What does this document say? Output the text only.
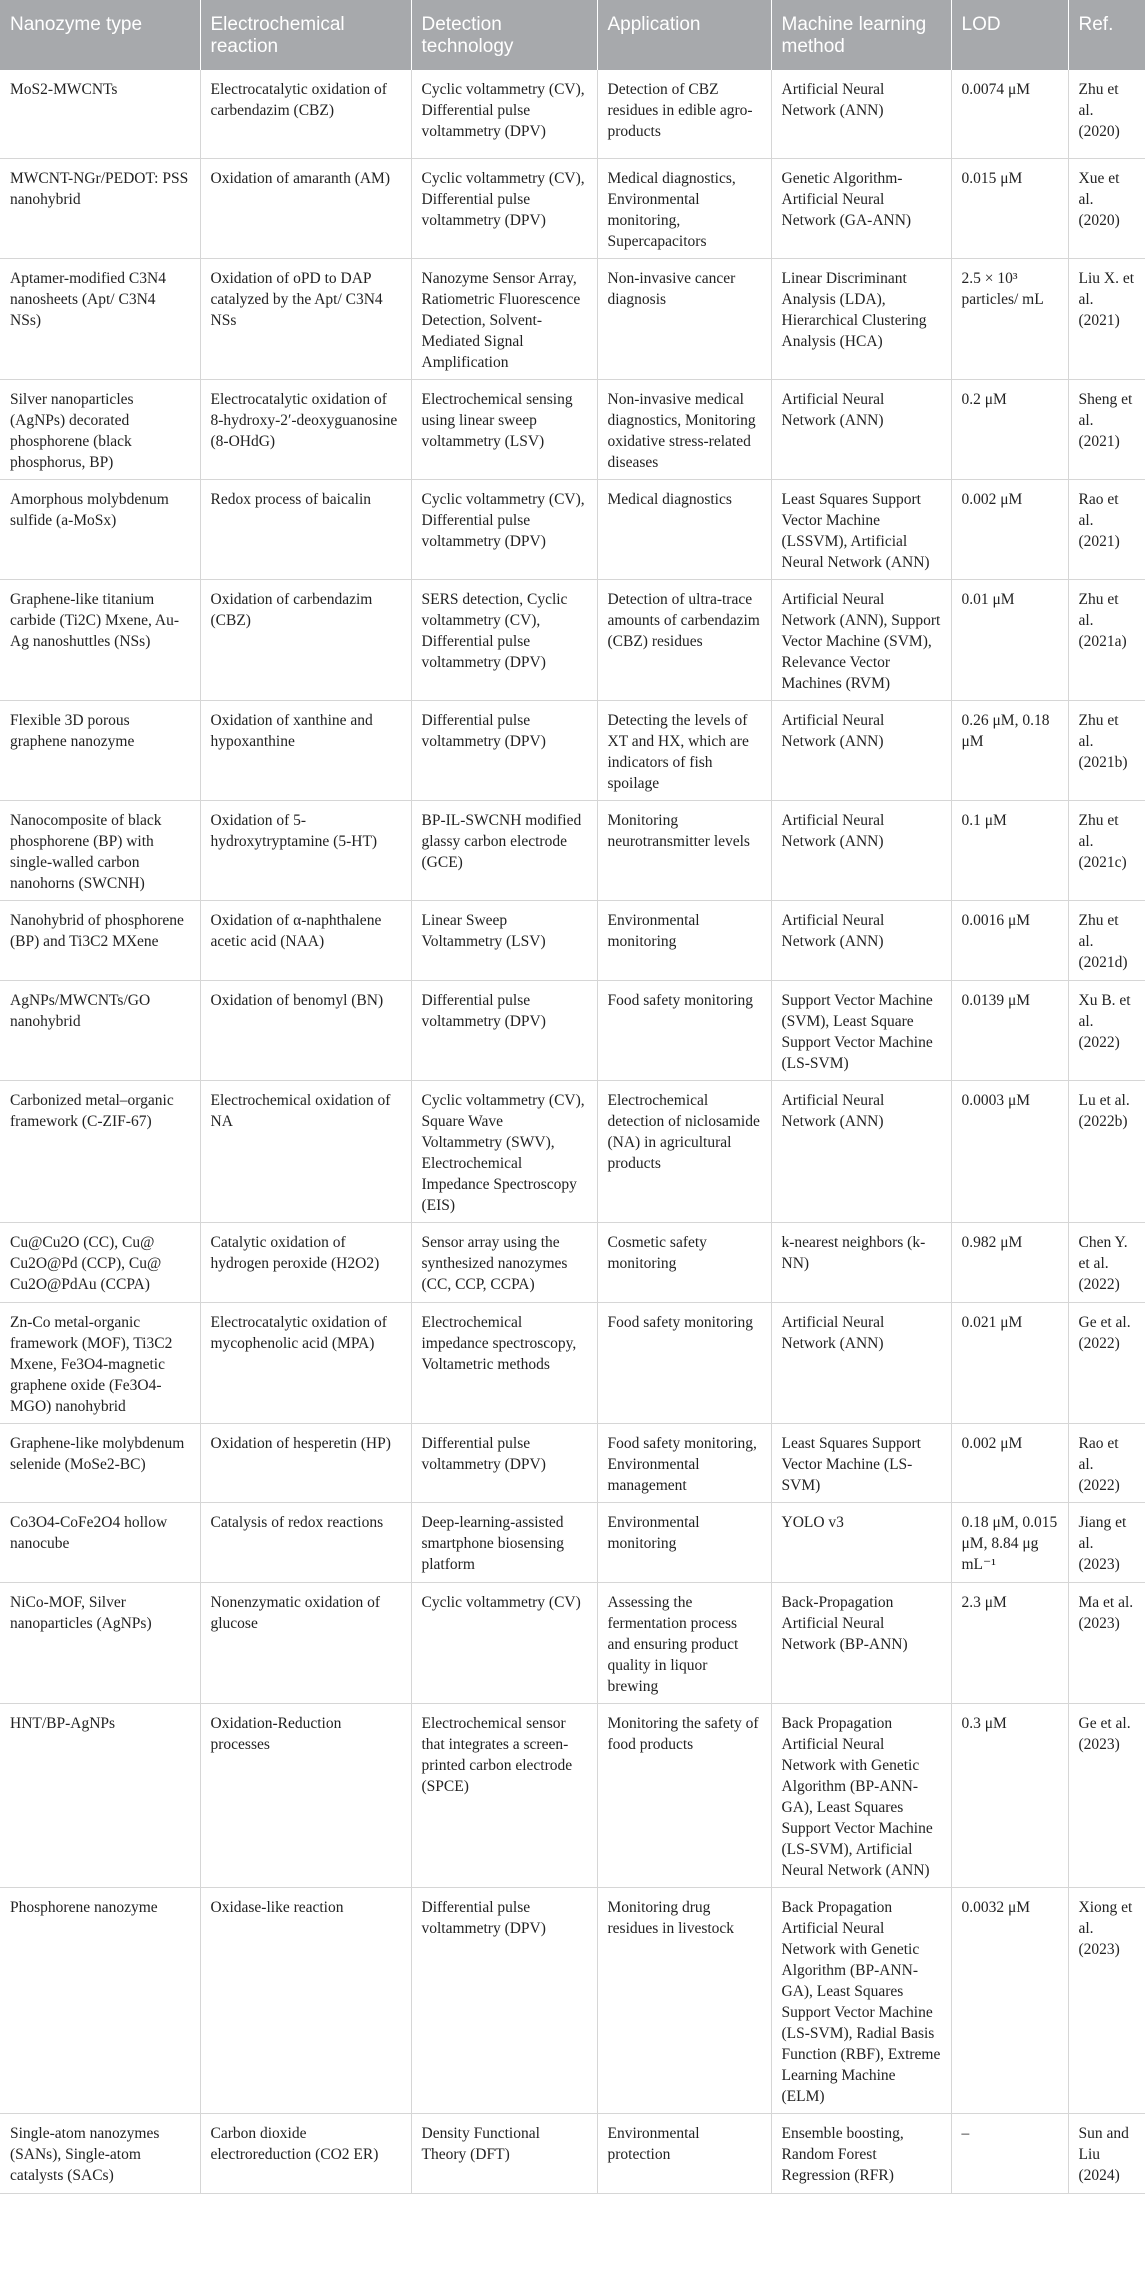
Nanozyme type	Electrochemical reaction	Detection technology	Application	Machine learning method	LOD	Ref.
MoS2-MWCNTs	Electrocatalytic oxidation of carbendazim (CBZ)	Cyclic voltammetry (CV), Differential pulse voltammetry (DPV)	Detection of CBZ residues in edible agro-products	Artificial Neural Network (ANN)	0.0074 μM	Zhu et al. (2020)
MWCNT-NGr/PEDOT: PSS nanohybrid	Oxidation of amaranth (AM)	Cyclic voltammetry (CV), Differential pulse voltammetry (DPV)	Medical diagnostics, Environmental monitoring, Supercapacitors	Genetic Algorithm-Artificial Neural Network (GA-ANN)	0.015 μM	Xue et al. (2020)
Aptamer-modified C3N4 nanosheets (Apt/ C3N4 NSs)	Oxidation of oPD to DAP catalyzed by the Apt/ C3N4 NSs	Nanozyme Sensor Array, Ratiometric Fluorescence Detection, Solvent-Mediated Signal Amplification	Non-invasive cancer diagnosis	Linear Discriminant Analysis (LDA), Hierarchical Clustering Analysis (HCA)	2.5 × 10³ particles/ mL	Liu X. et al. (2021)
Silver nanoparticles (AgNPs) decorated phosphorene (black phosphorus, BP)	Electrocatalytic oxidation of 8-hydroxy-2′-deoxyguanosine (8-OHdG)	Electrochemical sensing using linear sweep voltammetry (LSV)	Non-invasive medical diagnostics, Monitoring oxidative stress-related diseases	Artificial Neural Network (ANN)	0.2 μM	Sheng et al. (2021)
Amorphous molybdenum sulfide (a-MoSx)	Redox process of baicalin	Cyclic voltammetry (CV), Differential pulse voltammetry (DPV)	Medical diagnostics	Least Squares Support Vector Machine (LSSVM), Artificial Neural Network (ANN)	0.002 μM	Rao et al. (2021)
Graphene-like titanium carbide (Ti2C) Mxene, Au-Ag nanoshuttles (NSs)	Oxidation of carbendazim (CBZ)	SERS detection, Cyclic voltammetry (CV), Differential pulse voltammetry (DPV)	Detection of ultra-trace amounts of carbendazim (CBZ) residues	Artificial Neural Network (ANN), Support Vector Machine (SVM), Relevance Vector Machines (RVM)	0.01 μM	Zhu et al. (2021a)
Flexible 3D porous graphene nanozyme	Oxidation of xanthine and hypoxanthine	Differential pulse voltammetry (DPV)	Detecting the levels of XT and HX, which are indicators of fish spoilage	Artificial Neural Network (ANN)	0.26 μM, 0.18 μM	Zhu et al. (2021b)
Nanocomposite of black phosphorene (BP) with single-walled carbon nanohorns (SWCNH)	Oxidation of 5-hydroxytryptamine (5-HT)	BP-IL-SWCNH modified glassy carbon electrode (GCE)	Monitoring neurotransmitter levels	Artificial Neural Network (ANN)	0.1 μM	Zhu et al. (2021c)
Nanohybrid of phosphorene (BP) and Ti3C2 MXene	Oxidation of α-naphthalene acetic acid (NAA)	Linear Sweep Voltammetry (LSV)	Environmental monitoring	Artificial Neural Network (ANN)	0.0016 μM	Zhu et al. (2021d)
AgNPs/MWCNTs/GO nanohybrid	Oxidation of benomyl (BN)	Differential pulse voltammetry (DPV)	Food safety monitoring	Support Vector Machine (SVM), Least Square Support Vector Machine (LS-SVM)	0.0139 μM	Xu B. et al. (2022)
Carbonized metal–organic framework (C-ZIF-67)	Electrochemical oxidation of NA	Cyclic voltammetry (CV), Square Wave Voltammetry (SWV), Electrochemical Impedance Spectroscopy (EIS)	Electrochemical detection of niclosamide (NA) in agricultural products	Artificial Neural Network (ANN)	0.0003 μM	Lu et al. (2022b)
Cu@Cu2O (CC), Cu@ Cu2O@Pd (CCP), Cu@ Cu2O@PdAu (CCPA)	Catalytic oxidation of hydrogen peroxide (H2O2)	Sensor array using the synthesized nanozymes (CC, CCP, CCPA)	Cosmetic safety monitoring	k-nearest neighbors (k-NN)	0.982 μM	Chen Y. et al. (2022)
Zn-Co metal-organic framework (MOF), Ti3C2 Mxene, Fe3O4-magnetic graphene oxide (Fe3O4-MGO) nanohybrid	Electrocatalytic oxidation of mycophenolic acid (MPA)	Electrochemical impedance spectroscopy, Voltametric methods	Food safety monitoring	Artificial Neural Network (ANN)	0.021 μM	Ge et al. (2022)
Graphene-like molybdenum selenide (MoSe2-BC)	Oxidation of hesperetin (HP)	Differential pulse voltammetry (DPV)	Food safety monitoring, Environmental management	Least Squares Support Vector Machine (LS-SVM)	0.002 μM	Rao et al. (2022)
Co3O4-CoFe2O4 hollow nanocube	Catalysis of redox reactions	Deep-learning-assisted smartphone biosensing platform	Environmental monitoring	YOLO v3	0.18 μM, 0.015 μM, 8.84 μg mL⁻¹	Jiang et al. (2023)
NiCo-MOF, Silver nanoparticles (AgNPs)	Nonenzymatic oxidation of glucose	Cyclic voltammetry (CV)	Assessing the fermentation process and ensuring product quality in liquor brewing	Back-Propagation Artificial Neural Network (BP-ANN)	2.3 μM	Ma et al. (2023)
HNT/BP-AgNPs	Oxidation-Reduction processes	Electrochemical sensor that integrates a screen-printed carbon electrode (SPCE)	Monitoring the safety of food products	Back Propagation Artificial Neural Network with Genetic Algorithm (BP-ANN-GA), Least Squares Support Vector Machine (LS-SVM), Artificial Neural Network (ANN)	0.3 μM	Ge et al. (2023)
Phosphorene nanozyme	Oxidase-like reaction	Differential pulse voltammetry (DPV)	Monitoring drug residues in livestock	Back Propagation Artificial Neural Network with Genetic Algorithm (BP-ANN-GA), Least Squares Support Vector Machine (LS-SVM), Radial Basis Function (RBF), Extreme Learning Machine (ELM)	0.0032 μM	Xiong et al. (2023)
Single-atom nanozymes (SANs), Single-atom catalysts (SACs)	Carbon dioxide electroreduction (CO2 ER)	Density Functional Theory (DFT)	Environmental protection	Ensemble boosting, Random Forest Regression (RFR)	–	Sun and Liu (2024)
